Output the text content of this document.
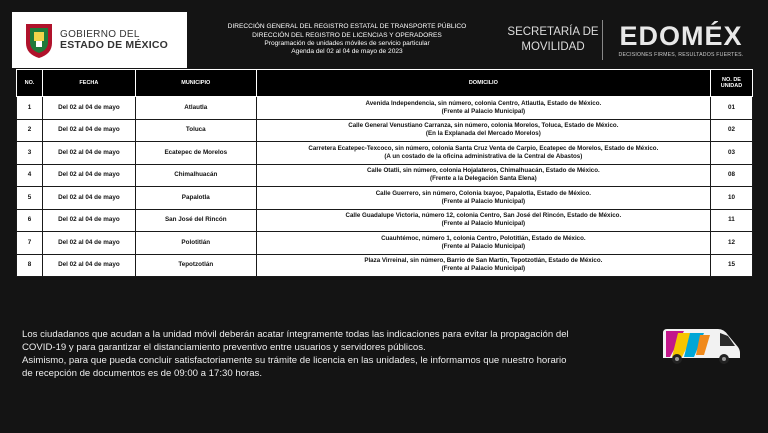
GOBIERNO DEL
ESTADO DE MÉXICO
DIRECCIÓN GENERAL DEL REGISTRO ESTATAL DE TRANSPORTE PÚBLICO
DIRECCIÓN DEL REGISTRO DE LICENCIAS Y OPERADORES
Programación de unidades móviles de servicio particular
Agenda del 02 al 04 de mayo de 2023
SECRETARÍA DE
MOVILIDAD	EDOMÉX
DECISIONES FIRMES, RESULTADOS FUERTES.
NO.	FECHA	MUNICIPIO	DOMICILIO	NO. DE UNIDAD
1	Del 02 al 04 de mayo	Atlautla	Avenida Independencia, sin número, colonia Centro, Atlautla, Estado de México.
(Frente al Palacio Municipal)	01
2	Del 02 al 04 de mayo	Toluca	Calle General Venustiano Carranza, sin número, colonia Morelos, Toluca, Estado de México.
(En la Explanada del Mercado Morelos)	02
3	Del 02 al 04 de mayo	Ecatepec de Morelos	Carretera Ecatepec-Texcoco, sin número, colonia Santa Cruz Venta de Carpio, Ecatepec de Morelos, Estado de México.
(A un costado de la oficina administrativa de la Central de Abastos)	03
4	Del 02 al 04 de mayo	Chimalhuacán	Calle Otatli, sin número, colonia Hojalateros, Chimalhuacán, Estado de México.
(Frente a la Delegación Santa Elena)	08
5	Del 02 al 04 de mayo	Papalotla	Calle Guerrero, sin número, Colonia Ixayoc, Papalotla, Estado de México.
(Frente al Palacio Municipal)	10
6	Del 02 al 04 de mayo	San José del Rincón	Calle Guadalupe Victoria, número 12, colonia Centro, San José del Rincón, Estado de México.
(Frente al Palacio Municipal)	11
7	Del 02 al 04 de mayo	Polotitlán	Cuauhtémoc, número 1, colonia Centro, Polotitlán, Estado de México.
(Frente al Palacio Municipal)	12
8	Del 02 al 04 de mayo	Tepotzotlán	Plaza Virreinal, sin número, Barrio de San Martín, Tepotzotlán, Estado de México.
(Frente al Palacio Municipal)	15
Los ciudadanos que acudan a la unidad móvil deberán acatar íntegramente todas las indicaciones para evitar la propagación del
COVID-19 y para garantizar el distanciamiento preventivo entre usuarios y servidores públicos.
Asimismo, para que pueda concluir satisfactoriamente su trámite de licencia en las unidades, le informamos que nuestro horario
de recepción de documentos es de 09:00 a 17:30 horas.
